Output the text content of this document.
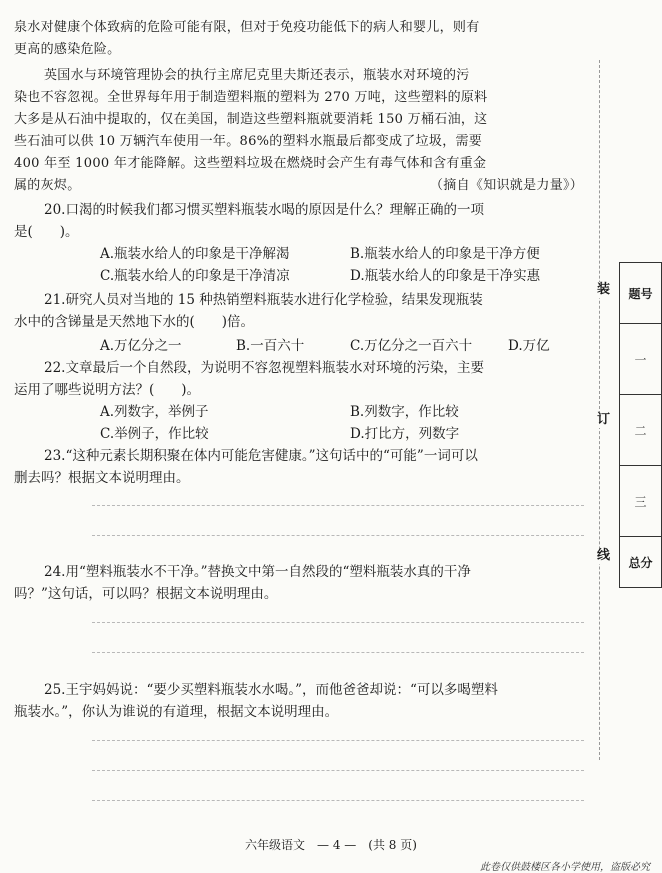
泉水对健康个体致病的危险可能有限，但对于免疫功能低下的病人和婴儿，则有
更高的感染危险。
英国水与环境管理协会的执行主席尼克里夫斯还表示，瓶装水对环境的污
染也不容忽视。全世界每年用于制造塑料瓶的塑料为 270 万吨，这些塑料的原料
大多是从石油中提取的，仅在美国，制造这些塑料瓶就要消耗 150 万桶石油，这
些石油可以供 10 万辆汽车使用一年。86%的塑料水瓶最后都变成了垃圾，需要
400 年至 1000 年才能降解。这些塑料垃圾在燃烧时会产生有毒气体和含有重金
属的灰烬。	（摘自《知识就是力量》）
20.口渴的时候我们都习惯买塑料瓶装水喝的原因是什么？理解正确的一项
是(　　)。
A.瓶装水给人的印象是干净解渴	B.瓶装水给人的印象是干净方便
C.瓶装水给人的印象是干净清凉	D.瓶装水给人的印象是干净实惠
21.研究人员对当地的 15 种热销塑料瓶装水进行化学检验，结果发现瓶装
水中的含锑量是天然地下水的(　　)倍。
A.万亿分之一	B.一百六十	C.万亿分之一百六十	D.万亿
22.文章最后一个自然段，为说明不容忽视塑料瓶装水对环境的污染，主要
运用了哪些说明方法？(　　)。
A.列数字，举例子	B.列数字，作比较
C.举例子，作比较	D.打比方，列数字
23.“这种元素长期积聚在体内可能危害健康。”这句话中的“可能”一词可以
删去吗？根据文本说明理由。
24.用“塑料瓶装水不干净。”替换文中第一自然段的“塑料瓶装水真的干净
吗？”这句话，可以吗？根据文本说明理由。
25.王宇妈妈说：“要少买塑料瓶装水水喝。”，而他爸爸却说：“可以多喝塑料
瓶装水。”，你认为谁说的有道理，根据文本说明理由。
装
订
线
题号
一
二
三
总分
六年级语文　— 4 —　(共 8 页)
此卷仅供鼓楼区各小学使用，盗版必究
